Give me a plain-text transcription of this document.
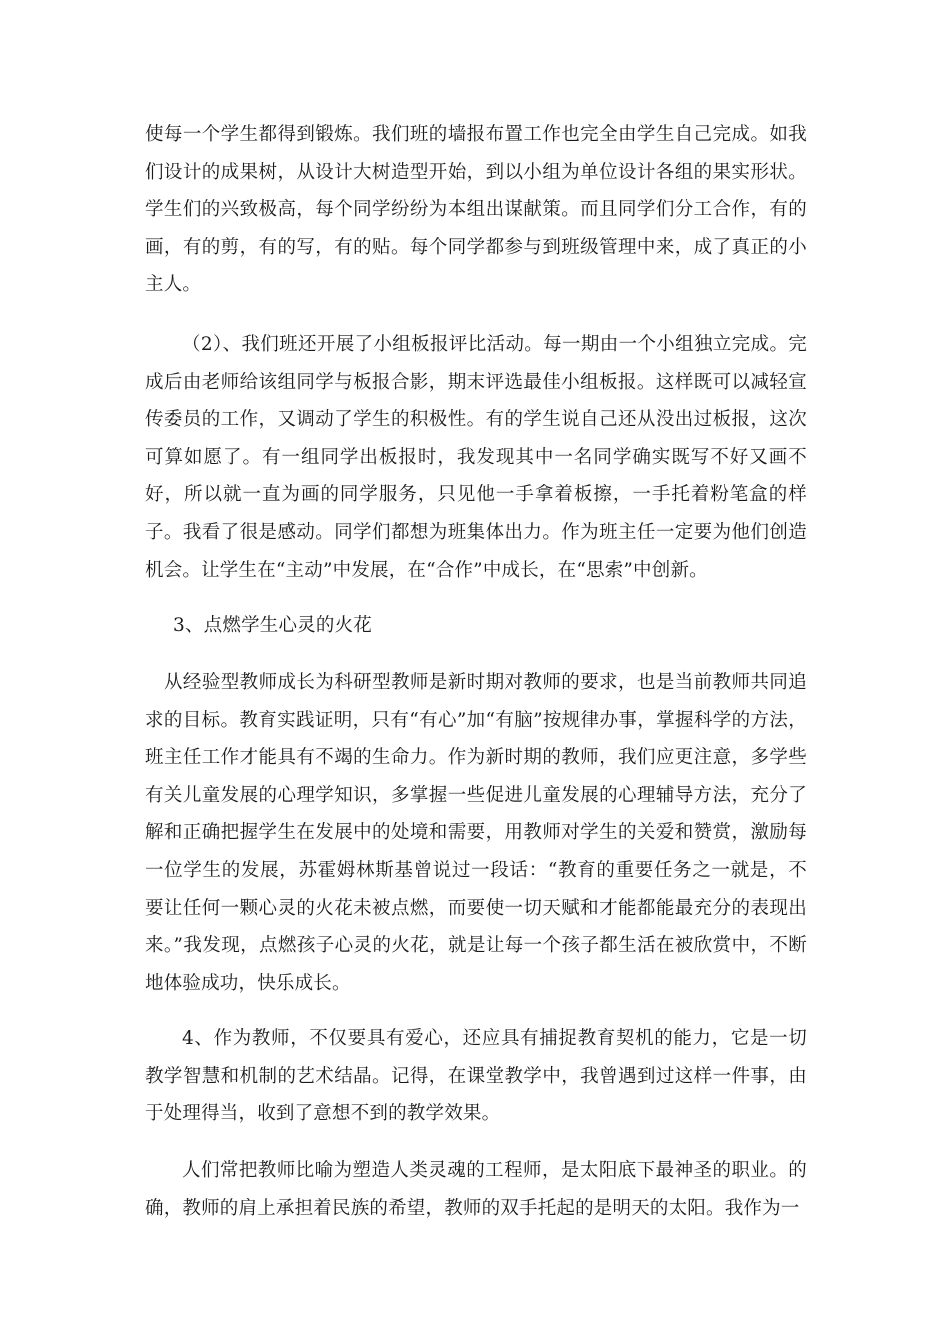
使每一个学生都得到锻炼。我们班的墙报布置工作也完全由学生自己完成。如我们设计的成果树，从设计大树造型开始，到以小组为单位设计各组的果实形状。学生们的兴致极高，每个同学纷纷为本组出谋献策。而且同学们分工合作，有的画，有的剪，有的写，有的贴。每个同学都参与到班级管理中来，成了真正的小主人。

（2）、我们班还开展了小组板报评比活动。每一期由一个小组独立完成。完成后由老师给该组同学与板报合影，期末评选最佳小组板报。这样既可以减轻宣传委员的工作，又调动了学生的积极性。有的学生说自己还从没出过板报，这次可算如愿了。有一组同学出板报时，我发现其中一名同学确实既写不好又画不好，所以就一直为画的同学服务，只见他一手拿着板擦，一手托着粉笔盒的样子。我看了很是感动。同学们都想为班集体出力。作为班主任一定要为他们创造机会。让学生在“主动”中发展，在“合作”中成长，在“思索”中创新。

3、点燃学生心灵的火花

从经验型教师成长为科研型教师是新时期对教师的要求，也是当前教师共同追求的目标。教育实践证明，只有“有心”加“有脑”按规律办事，掌握科学的方法，班主任工作才能具有不竭的生命力。作为新时期的教师，我们应更注意，多学些有关儿童发展的心理学知识，多掌握一些促进儿童发展的心理辅导方法，充分了解和正确把握学生在发展中的处境和需要，用教师对学生的关爱和赞赏，激励每一位学生的发展，苏霍姆林斯基曾说过一段话：“教育的重要任务之一就是，不要让任何一颗心灵的火花未被点燃，而要使一切天赋和才能都能最充分的表现出来。”我发现，点燃孩子心灵的火花，就是让每一个孩子都生活在被欣赏中，不断地体验成功，快乐成长。

4、作为教师，不仅要具有爱心，还应具有捕捉教育契机的能力，它是一切教学智慧和机制的艺术结晶。记得，在课堂教学中，我曾遇到过这样一件事，由于处理得当，收到了意想不到的教学效果。

人们常把教师比喻为塑造人类灵魂的工程师，是太阳底下最神圣的职业。的确，教师的肩上承担着民族的希望，教师的双手托起的是明天的太阳。我作为一
